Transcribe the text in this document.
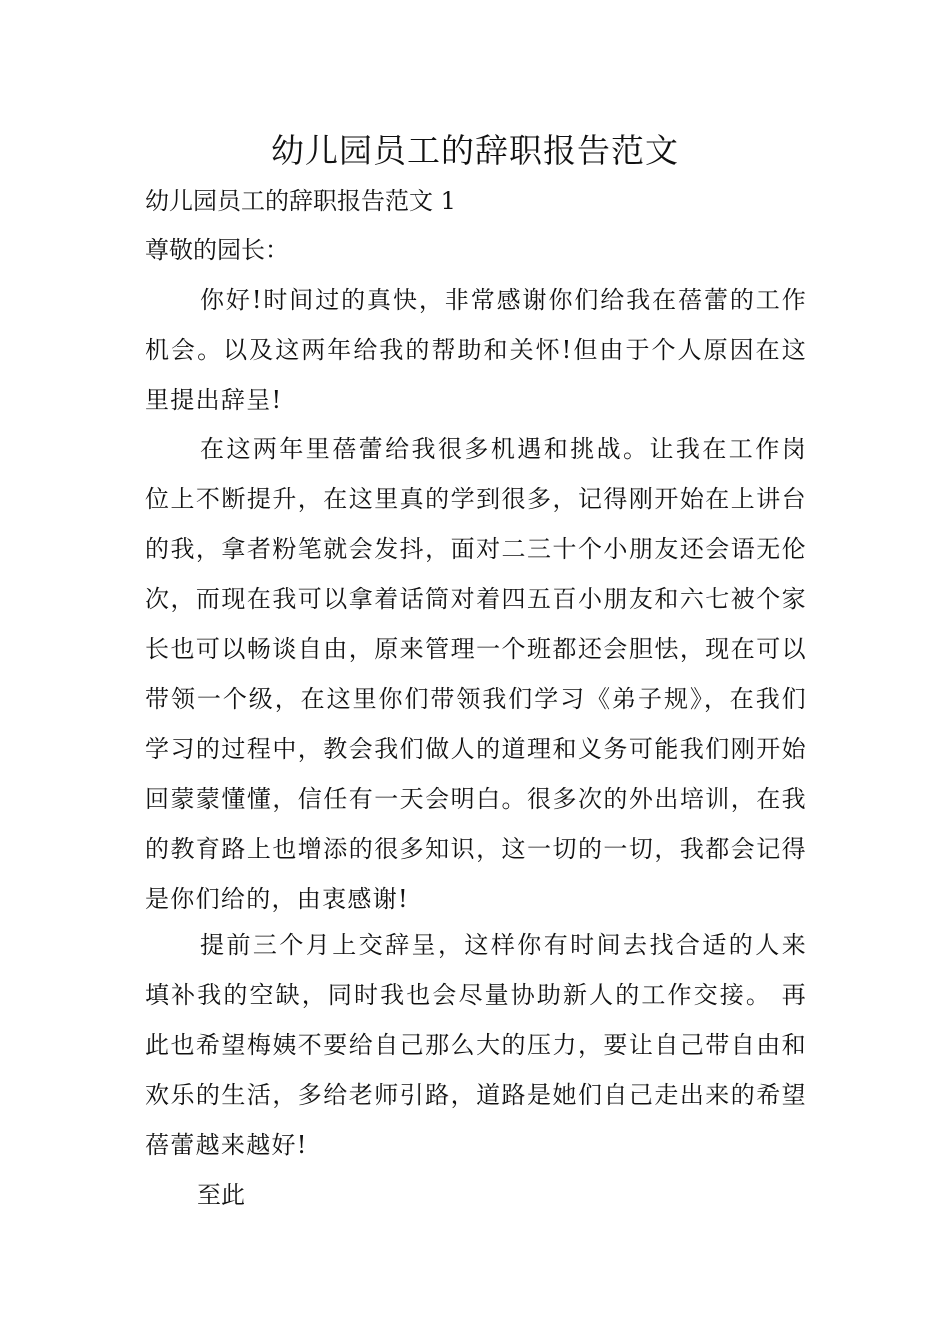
幼儿园员工的辞职报告范文

幼儿园员工的辞职报告范文 1

尊敬的园长：

你好!时间过的真快，非常感谢你们给我在蓓蕾的工作机会。以及这两年给我的帮助和关怀!但由于个人原因在这里提出辞呈!

在这两年里蓓蕾给我很多机遇和挑战。让我在工作岗位上不断提升，在这里真的学到很多，记得刚开始在上讲台的我，拿者粉笔就会发抖，面对二三十个小朋友还会语无伦次，而现在我可以拿着话筒对着四五百小朋友和六七被个家长也可以畅谈自由，原来管理一个班都还会胆怯，现在可以带领一个级，在这里你们带领我们学习《弟子规》，在我们学习的过程中，教会我们做人的道理和义务可能我们刚开始回蒙蒙懂懂，信任有一天会明白。很多次的外出培训，在我的教育路上也增添的很多知识，这一切的一切，我都会记得是你们给的，由衷感谢!

提前三个月上交辞呈，这样你有时间去找合适的人来填补我的空缺，同时我也会尽量协助新人的工作交接。 再此也希望梅姨不要给自己那么大的压力，要让自己带自由和欢乐的生活，多给老师引路，道路是她们自己走出来的希望蓓蕾越来越好!

至此
